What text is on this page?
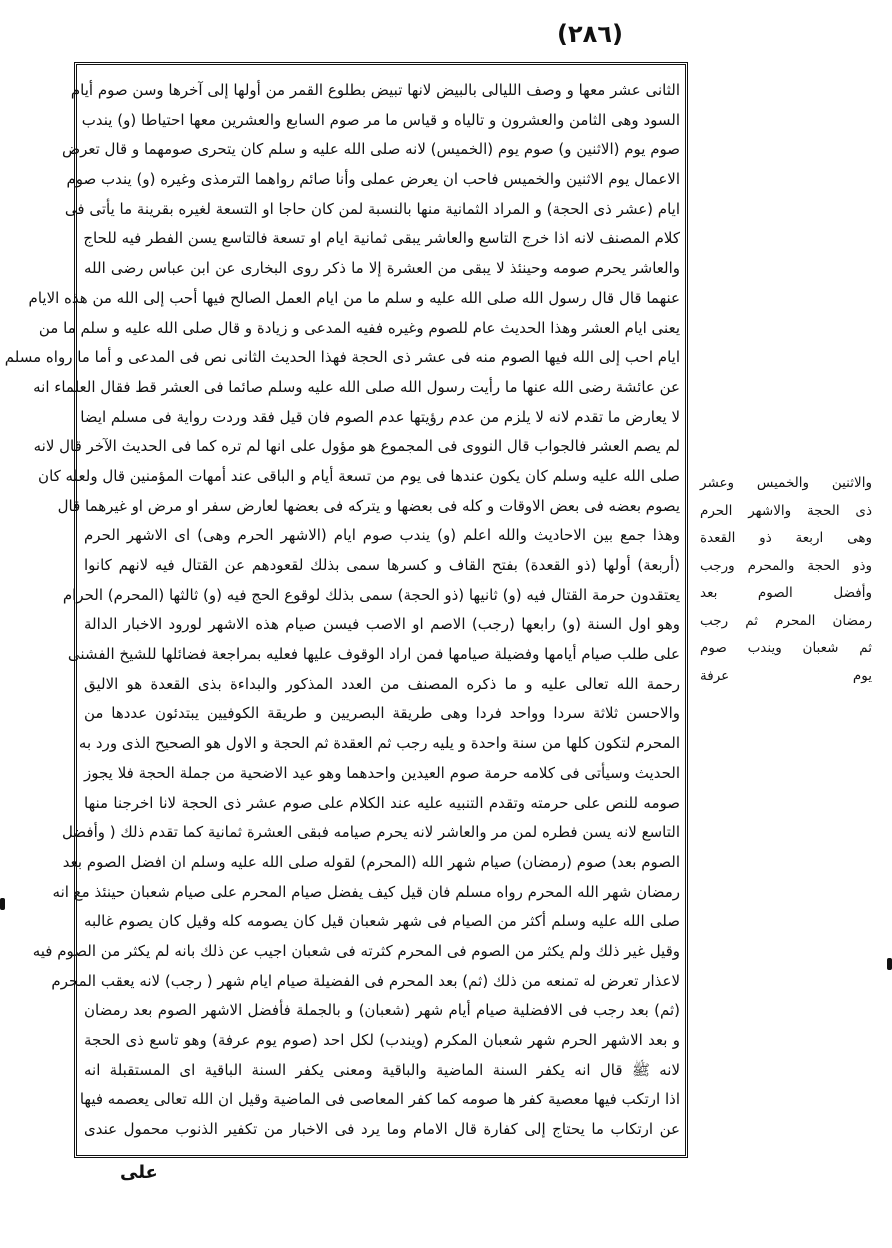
(٢٨٦)
الثانى عشر معها و وصف الليالى بالبيض لانها تبيض بطلوع القمر من أولها إلى آخرها وسن صوم أيام
السود وهى الثامن والعشرون و تالياه و قياس ما مر صوم السابع والعشرين معها احتياطا (و) يندب
صوم يوم (الاثنين و) صوم يوم (الخميس) لانه صلى الله عليه و سلم كان يتحرى صومهما و قال تعرض
الاعمال يوم الاثنين والخميس فاحب ان يعرض عملى وأنا صائم رواهما الترمذى وغيره (و) يندب صوم
ايام (عشر ذى الحجة) و المراد الثمانية منها بالنسبة لمن كان حاجا او التسعة لغيره بقرينة ما يأتى فى
كلام المصنف لانه اذا خرج التاسع والعاشر يبقى ثمانية ايام او تسعة فالتاسع يسن الفطر فيه للحاج
والعاشر يحرم صومه وحينئذ لا يبقى من العشرة إلا ما ذكر روى البخارى عن ابن عباس رضى الله
عنهما قال قال رسول الله صلى الله عليه و سلم ما من ايام العمل الصالح فيها أحب إلى الله من هذه الايام
يعنى ايام العشر وهذا الحديث عام للصوم وغيره ففيه المدعى و زيادة و قال صلى الله عليه و سلم ما من
ايام احب إلى الله فيها الصوم منه فى عشر ذى الحجة فهذا الحديث الثانى نص فى المدعى و أما ما رواه مسلم
عن عائشة رضى الله عنها ما رأيت رسول الله صلى الله عليه وسلم صائما فى العشر قط فقال العلماء انه
لا يعارض ما تقدم لانه لا يلزم من عدم رؤيتها عدم الصوم فان قيل فقد وردت رواية فى مسلم ايضا
لم يصم العشر فالجواب قال النووى فى المجموع هو مؤول على انها لم تره كما فى الحديث الآخر قال لانه
صلى الله عليه وسلم كان يكون عندها فى يوم من تسعة أيام و الباقى عند أمهات المؤمنين قال ولعله كان
يصوم بعضه فى بعض الاوقات و كله فى بعضها و يتركه فى بعضها لعارض سفر او مرض او غيرهما قال
وهذا جمع بين الاحاديث والله اعلم (و) يندب صوم ايام (الاشهر الحرم وهى) اى الاشهر الحرم
(أربعة) أولها (ذو القعدة) بفتح القاف و كسرها سمى بذلك لقعودهم عن القتال فيه لانهم كانوا
يعتقدون حرمة القتال فيه (و) ثانيها (ذو الحجة) سمى بذلك لوقوع الحج فيه (و) ثالثها (المحرم) الحرام
وهو اول السنة (و) رابعها (رجب) الاصم او الاصب فيسن صيام هذه الاشهر لورود الاخبار الدالة
على طلب صيام أيامها وفضيلة صيامها فمن اراد الوقوف عليها فعليه بمراجعة فضائلها للشيخ الفشنى
رحمة الله تعالى عليه و ما ذكره المصنف من العدد المذكور والبداءة بذى القعدة هو الاليق
والاحسن ثلاثة سردا وواحد فردا وهى طريقة البصريين و طريقة الكوفيين يبتدئون عددها من
المحرم لتكون كلها من سنة واحدة و يليه رجب ثم العقدة ثم الحجة و الاول هو الصحيح الذى ورد به
الحديث وسيأتى فى كلامه حرمة صوم العيدين واحدهما وهو عيد الاضحية من جملة الحجة فلا يجوز
صومه للنص على حرمته وتقدم التنبيه عليه عند الكلام على صوم عشر ذى الحجة لانا اخرجنا منها
التاسع لانه يسن فطره لمن مر والعاشر لانه يحرم صيامه فبقى العشرة ثمانية كما تقدم ذلك ( وأفضل
الصوم بعد) صوم (رمضان) صيام شهر الله (المحرم) لقوله صلى الله عليه وسلم ان افضل الصوم بعد
رمضان شهر الله المحرم رواه مسلم فان قيل كيف يفضل صيام المحرم على صيام شعبان حينئذ مع انه
صلى الله عليه وسلم أكثر من الصيام فى شهر شعبان قيل كان يصومه كله وقيل كان يصوم غالبه
وقيل غير ذلك ولم يكثر من الصوم فى المحرم كثرته فى شعبان اجيب عن ذلك بانه لم يكثر من الصوم فيه
لاعذار تعرض له تمنعه من ذلك (ثم) بعد المحرم فى الفضيلة صيام ايام شهر ( رجب) لانه يعقب المحرم
(ثم) بعد رجب فى الافضلية صيام أيام شهر (شعبان) و بالجملة فأفضل الاشهر الصوم بعد رمضان
و بعد الاشهر الحرم شهر شعبان المكرم (ويندب) لكل احد (صوم يوم عرفة) وهو تاسع ذى الحجة
لانه ﷺ قال انه يكفر السنة الماضية والباقية ومعنى يكفر السنة الباقية اى المستقبلة انه
اذا ارتكب فيها معصية كفر ها صومه كما كفر المعاصى فى الماضية وقيل ان الله تعالى يعصمه فيها
عن ارتكاب ما يحتاج إلى كفارة قال الامام وما يرد فى الاخبار من تكفير الذنوب محمول عندى
والاثنين والخميس وعشر
ذى الحجة والاشهر الحرم
وهى اربعة ذو القعدة
وذو الحجة والمحرم ورجب
وأفضل الصوم بعد
رمضان المحرم ثم رجب
ثم شعبان ويندب صوم
يوم عرفة
على
